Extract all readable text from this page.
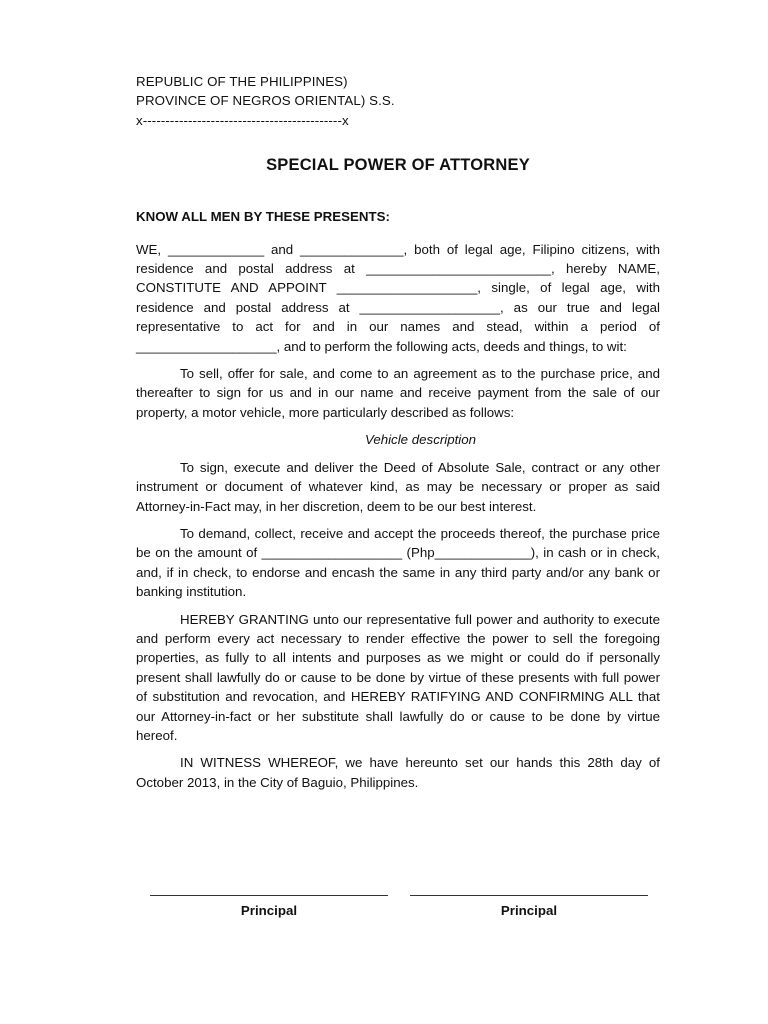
REPUBLIC OF THE PHILIPPINES)

PROVINCE OF NEGROS ORIENTAL) S.S.

x--------------------------------------------x

SPECIAL POWER OF ATTORNEY

KNOW ALL MEN BY THESE PRESENTS:

WE, _____________ and ______________, both of legal age, Filipino citizens, with residence and postal address at _________________________, hereby NAME, CONSTITUTE AND APPOINT ___________________, single, of legal age, with residence and postal address at ___________________, as our true and legal representative to act for and in our names and stead, within a period of ___________________, and to perform the following acts, deeds and things, to wit:

To sell, offer for sale, and come to an agreement as to the purchase price, and thereafter to sign for us and in our name and receive payment from the sale of our property, a motor vehicle, more particularly described as follows:

Vehicle description

To sign, execute and deliver the Deed of Absolute Sale, contract or any other instrument or document of whatever kind, as may be necessary or proper as said Attorney-in-Fact may, in her discretion, deem to be our best interest.

To demand, collect, receive and accept the proceeds thereof, the purchase price be on the amount of ___________________ (Php_____________), in cash or in check, and, if in check, to endorse and encash the same in any third party and/or any bank or banking institution.

HEREBY GRANTING unto our representative full power and authority to execute and perform every act necessary to render effective the power to sell the foregoing properties, as fully to all intents and purposes as we might or could do if personally present shall lawfully do or cause to be done by virtue of these presents with full power of substitution and revocation, and HEREBY RATIFYING AND CONFIRMING ALL that our Attorney-in-fact or her substitute shall lawfully do or cause to be done by virtue hereof.

IN WITNESS WHEREOF, we have hereunto set our hands this 28th day of October 2013, in the City of Baguio, Philippines.

Principal	Principal
